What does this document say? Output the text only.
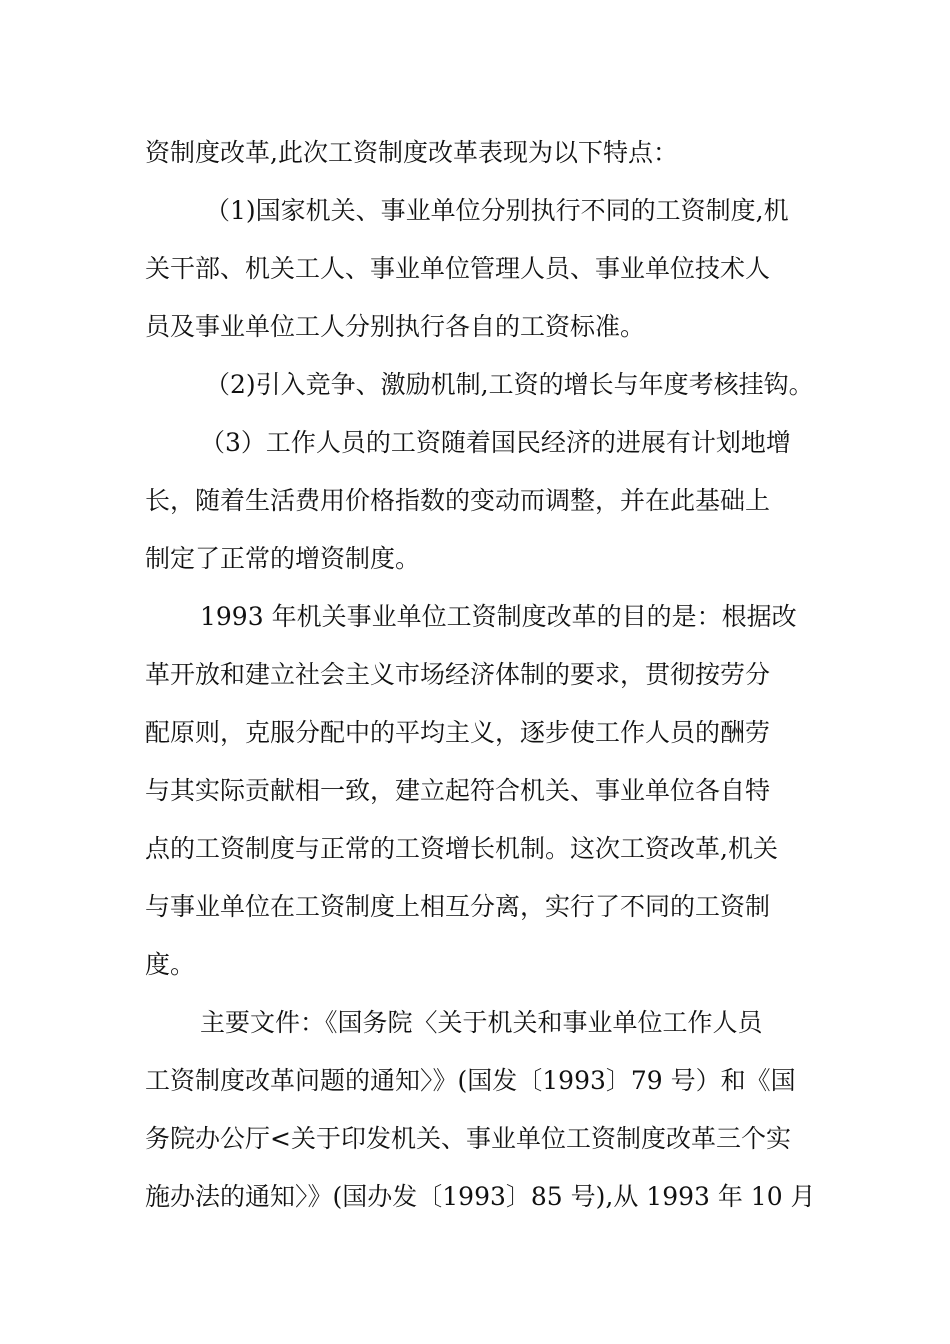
资制度改革,此次工资制度改革表现为以下特点：
（1)国家机关、事业单位分别执行不同的工资制度,机
关干部、机关工人、事业单位管理人员、事业单位技术人
员及事业单位工人分别执行各自的工资标准。
（2)引入竞争、激励机制,工资的增长与年度考核挂钩。
（3）工作人员的工资随着国民经济的进展有计划地增
长，随着生活费用价格指数的变动而调整，并在此基础上
制定了正常的增资制度。
1993 年机关事业单位工资制度改革的目的是：根据改
革开放和建立社会主义市场经济体制的要求，贯彻按劳分
配原则，克服分配中的平均主义，逐步使工作人员的酬劳
与其实际贡献相一致，建立起符合机关、事业单位各自特
点的工资制度与正常的工资增长机制。这次工资改革,机关
与事业单位在工资制度上相互分离，实行了不同的工资制
度。
主要文件：《国务院〈关于机关和事业单位工作人员
工资制度改革问题的通知〉》(国发〔1993〕79 号）和《国
务院办公厅<关于印发机关、事业单位工资制度改革三个实
施办法的通知〉》(国办发〔1993〕85 号),从 1993 年 10 月
